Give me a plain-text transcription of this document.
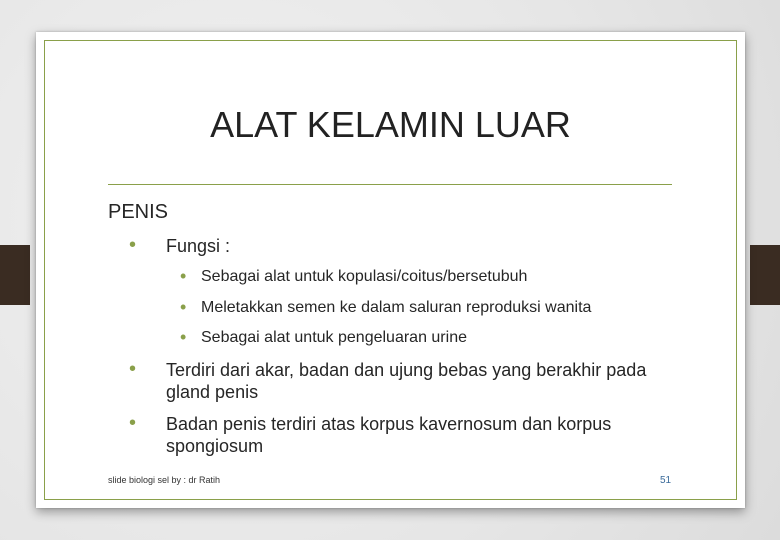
ALAT KELAMIN LUAR
PENIS
• Fungsi :
• Sebagai alat untuk kopulasi/coitus/bersetubuh
• Meletakkan semen ke dalam saluran reproduksi wanita
• Sebagai alat untuk pengeluaran urine
• Terdiri dari akar, badan dan ujung bebas yang berakhir pada gland penis
• Badan penis terdiri atas korpus kavernosum dan korpus spongiosum
slide biologi sel by : dr Ratih	51
